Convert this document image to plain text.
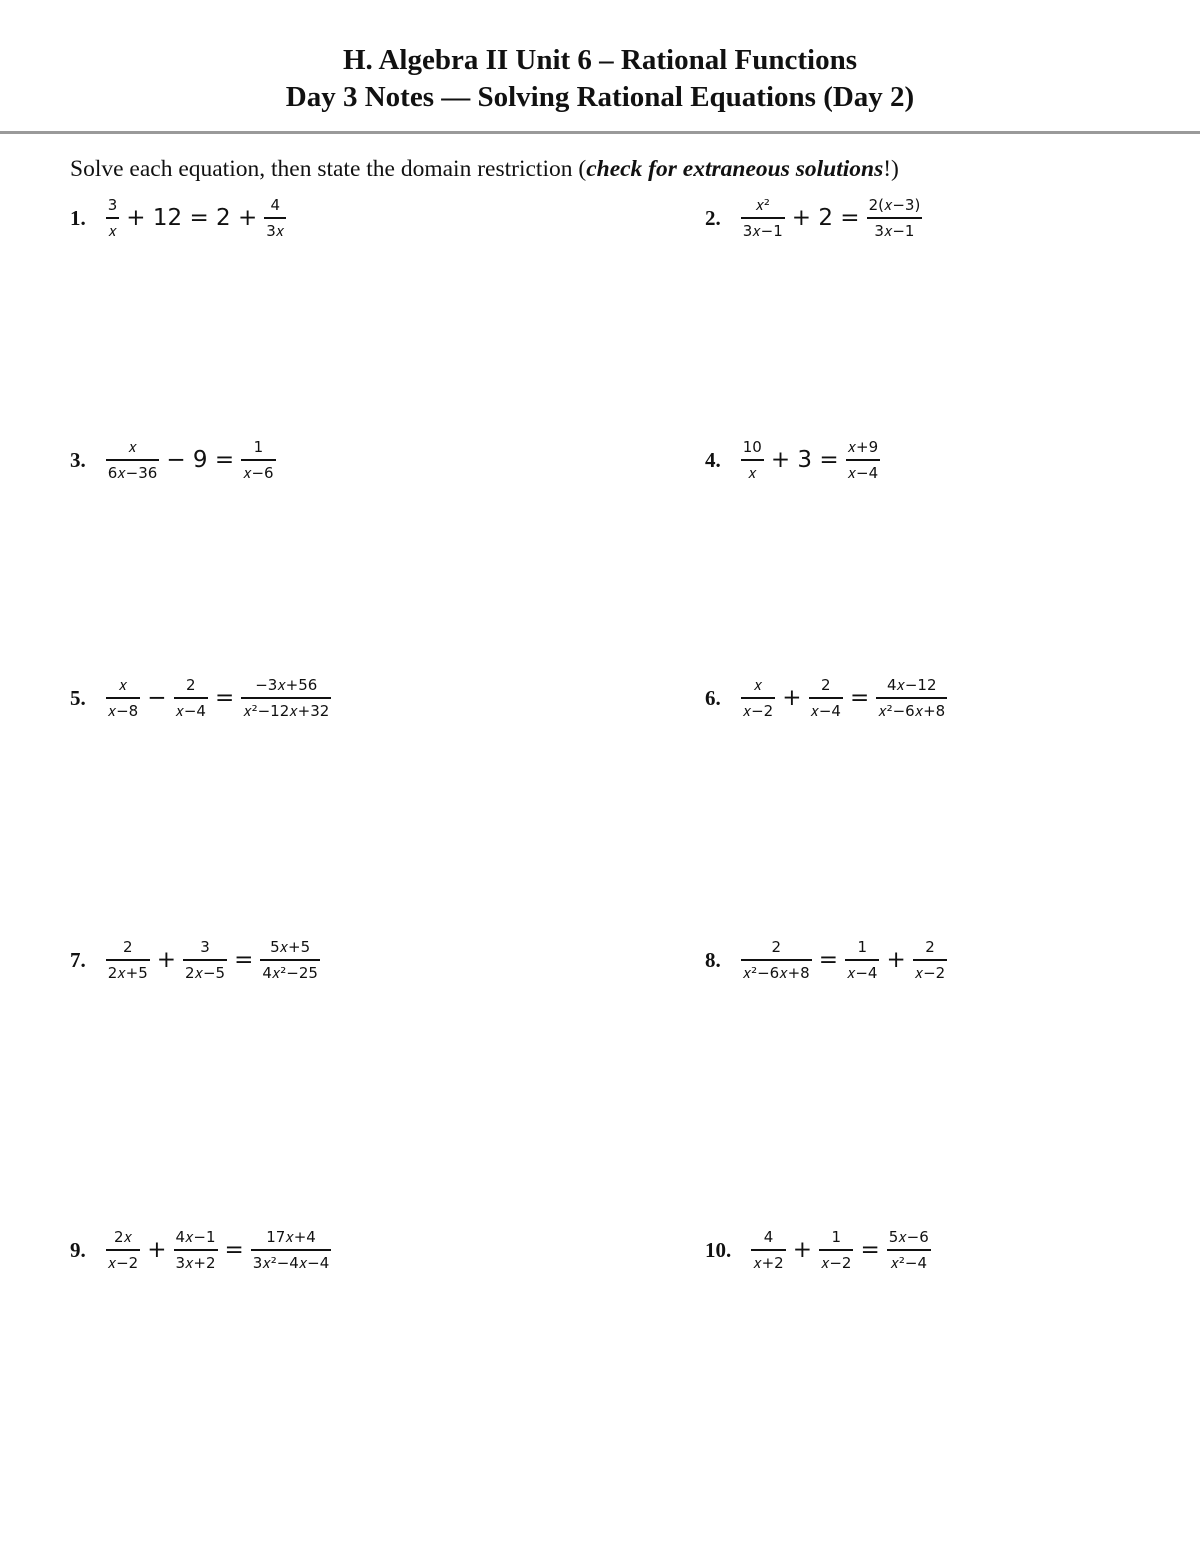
H. Algebra II Unit 6 – Rational Functions
Day 3 Notes — Solving Rational Equations (Day 2)
Solve each equation, then state the domain restriction (check for extraneous solutions!)
1. $\frac{3}{\text{𝑥}} + 12 = 2 + \frac{4}{\text{3𝑥}}$	2. $\frac{\text{𝑥²}}{\text{3𝑥−1}} + 2 = \frac{\text{2(𝑥−3)}}{\text{3𝑥−1}}$
3. $\frac{\text{𝑥}}{\text{6𝑥−36}} - 9 = \frac{1}{\text{𝑥−6}}$	4. $\frac{10}{\text{𝑥}} + 3 = \frac{\text{𝑥+9}}{\text{𝑥−4}}$
5. $\frac{\text{𝑥}}{\text{𝑥−8}} - \frac{2}{\text{𝑥−4}} = \frac{\text{−3𝑥+56}}{\text{𝑥²−12𝑥+32}}$	6. $\frac{\text{𝑥}}{\text{𝑥−2}} + \frac{2}{\text{𝑥−4}} = \frac{\text{4𝑥−12}}{\text{𝑥²−6𝑥+8}}$
7. $\frac{2}{\text{2𝑥+5}} + \frac{3}{\text{2𝑥−5}} = \frac{\text{5𝑥+5}}{\text{4𝑥²−25}}$	8. $\frac{2}{\text{𝑥²−6𝑥+8}} = \frac{1}{\text{𝑥−4}} + \frac{2}{\text{𝑥−2}}$
9. $\frac{\text{2𝑥}}{\text{𝑥−2}} + \frac{\text{4𝑥−1}}{\text{3𝑥+2}} = \frac{\text{17𝑥+4}}{\text{3𝑥²−4𝑥−4}}$	10. $\frac{4}{\text{𝑥+2}} + \frac{1}{\text{𝑥−2}} = \frac{\text{5𝑥−6}}{\text{𝑥²−4}}$
